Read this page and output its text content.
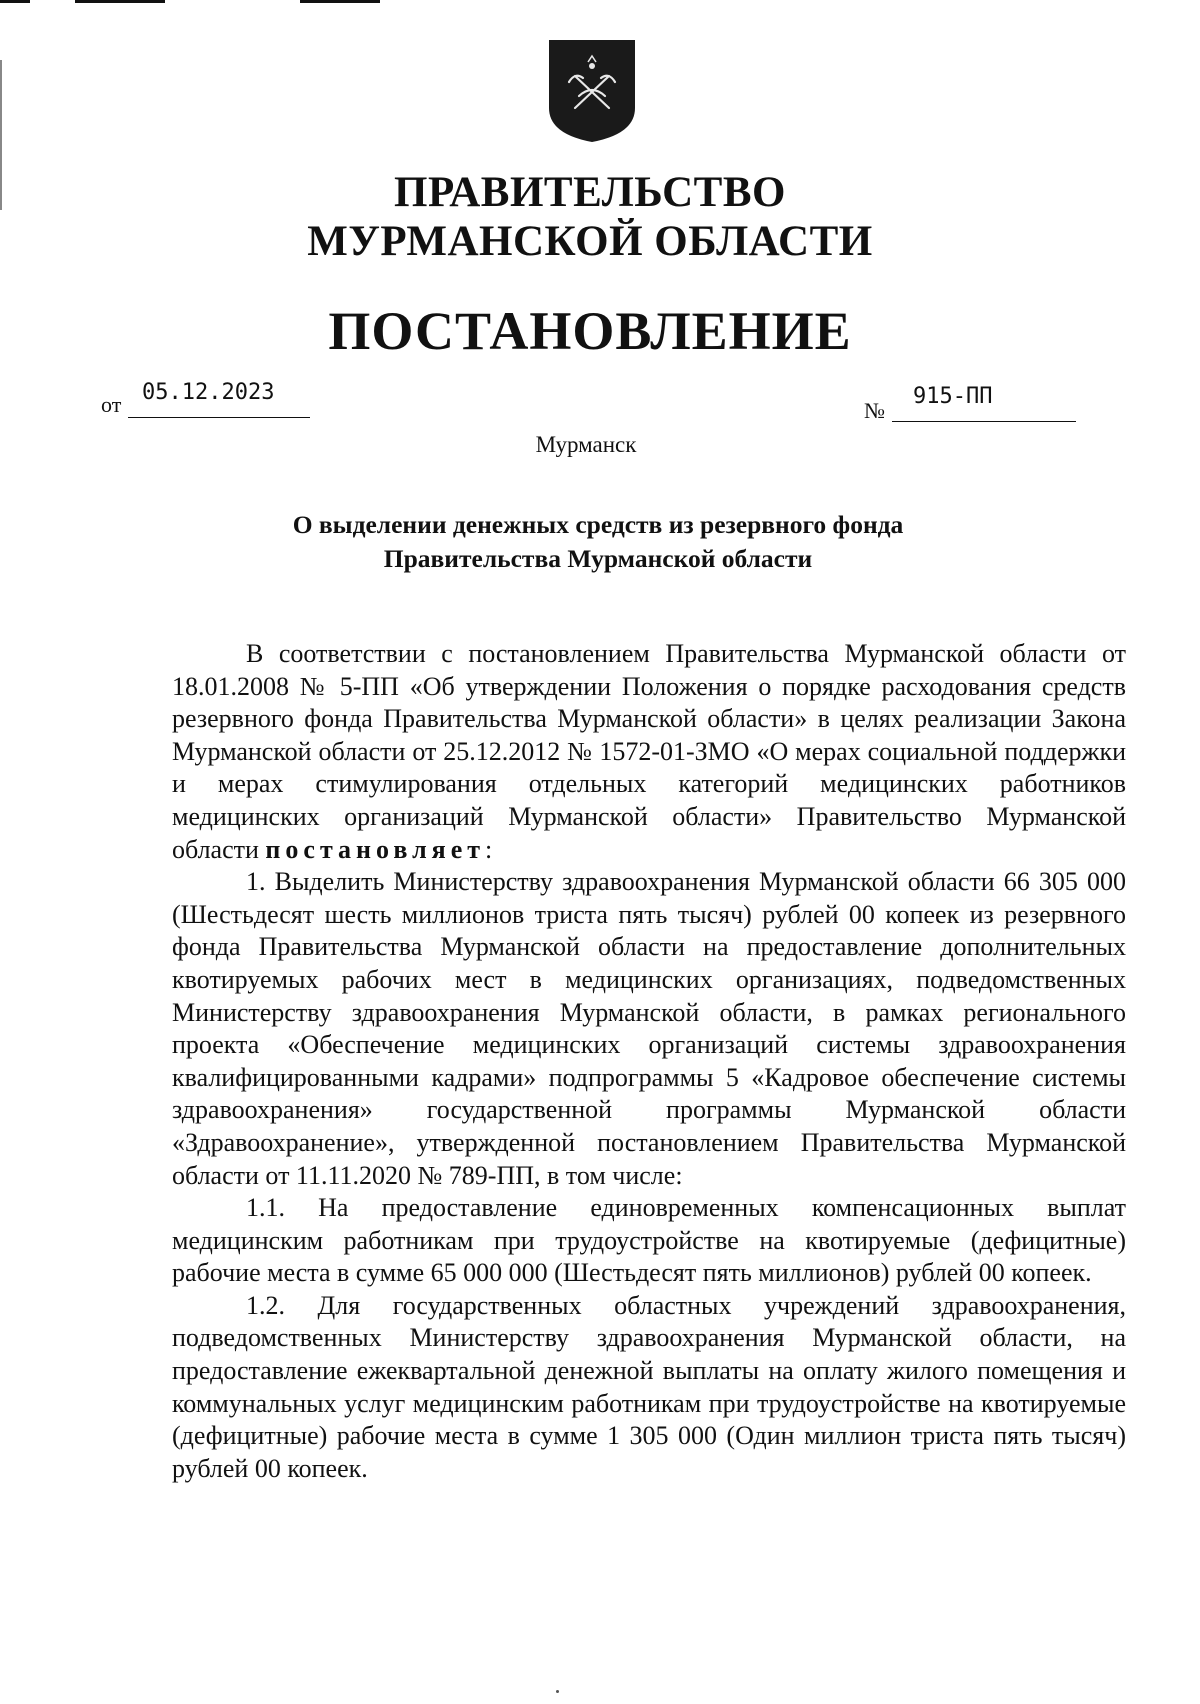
ПРАВИТЕЛЬСТВО
МУРМАНСКОЙ ОБЛАСТИ
ПОСТАНОВЛЕНИЕ
от 05.12.2023
№
915-ПП
Мурманск
О выделении денежных средств из резервного фонда
Правительства Мурманской области

В соответствии с постановлением Правительства Мурманской области от 18.01.2008 № 5-ПП «Об утверждении Положения о порядке расходования средств резервного фонда Правительства Мурманской области» в целях реализации Закона Мурманской области от 25.12.2012 № 1572-01-ЗМО «О мерах социальной поддержки и мерах стимулирования отдельных категорий медицинских работников медицинских организаций Мурманской области» Правительство Мурманской области постановляет:

1. Выделить Министерству здравоохранения Мурманской области 66 305 000 (Шестьдесят шесть миллионов триста пять тысяч) рублей 00 копеек из резервного фонда Правительства Мурманской области на предоставление дополнительных квотируемых рабочих мест в медицинских организациях, подведомственных Министерству здравоохранения Мурманской области, в рамках регионального проекта «Обеспечение медицинских организаций системы здравоохранения квалифицированными кадрами» подпрограммы 5 «Кадровое обеспечение системы здравоохранения» государственной программы Мурманской области «Здравоохранение», утвержденной постановлением Правительства Мурманской области от 11.11.2020 № 789-ПП, в том числе:

1.1. На предоставление единовременных компенсационных выплат медицинским работникам при трудоустройстве на квотируемые (дефицитные) рабочие места в сумме 65 000 000 (Шестьдесят пять миллионов) рублей 00 копеек.

1.2. Для государственных областных учреждений здравоохранения, подведомственных Министерству здравоохранения Мурманской области, на предоставление ежеквартальной денежной выплаты на оплату жилого помещения и коммунальных услуг медицинским работникам при трудоустройстве на квотируемые (дефицитные) рабочие места в сумме 1 305 000 (Один миллион триста пять тысяч) рублей 00 копеек.
